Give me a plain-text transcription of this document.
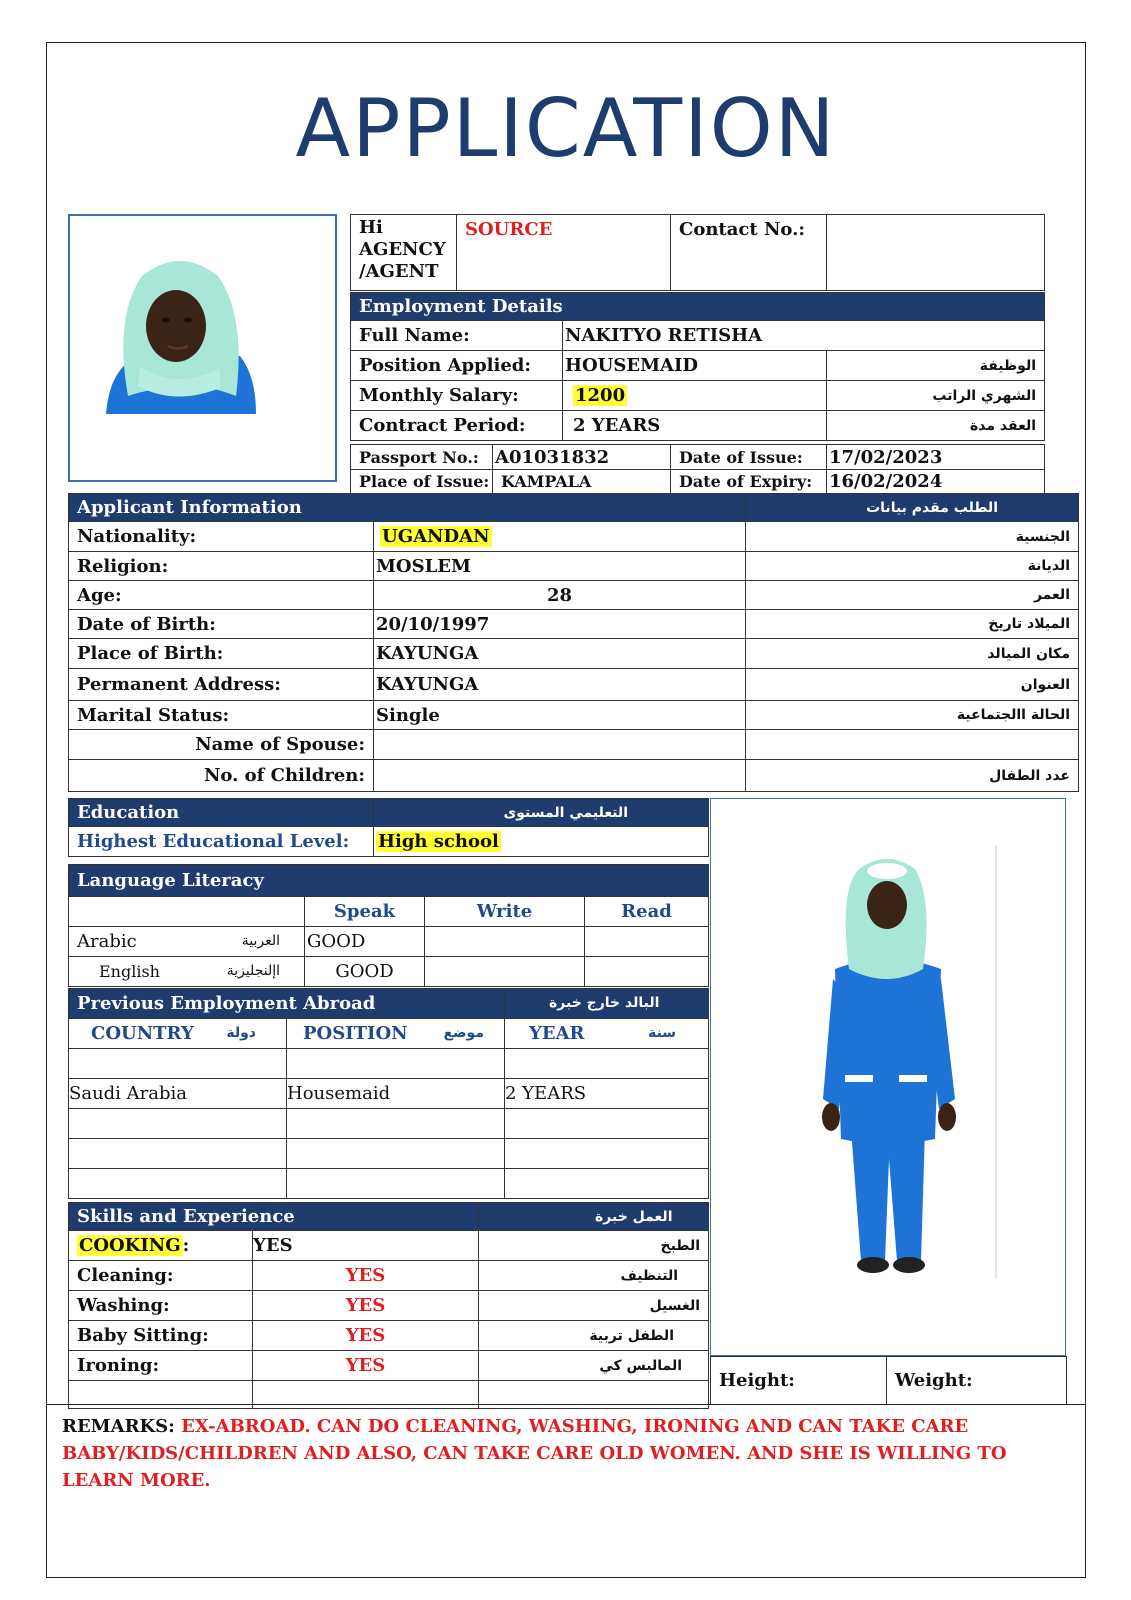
APPLICATION
Hi
AGENCY
/AGENT
	SOURCE	Contact No.:	
Employment Details		
Full Name:	NAKITYO RETISHA	
Position Applied:	HOUSEMAID	الوظيفة
Monthly Salary:	1200	الشهري الراتب
Contract Period:	2 YEARS	العقد مدة
Passport No.:	A01031832	Date of Issue:	17/02/2023
Place of Issue:	KAMPALA	Date of Expiry:	16/02/2024
Applicant Information		الطلب مقدم بيانات
Nationality:	UGANDAN	الجنسية
Religion:	MOSLEM	الديانة
Age:	28	العمر
Date of Birth:	20/10/1997	الميلاد تاريخ
Place of Birth:	KAYUNGA	مكان الميالد
Permanent Address:	KAYUNGA	العنوان
Marital Status:	Single	الحالة االجتماعية
Name of Spouse:		
No. of Children:		عدد الطفال
Education	التعليمي المستوى
Highest Educational Level:	High school
Language Literacy			
	Speak	Write	Read
Arabic العربية	GOOD		
English اإلنجليزية	GOOD		
Previous Employment Abroad البالد خارج خبرة		

COUNTRY دولة	POSITION موضع	YEAR سنة

Saudi Arabia	Housemaid	2 YEARS

Skills and Experience العمل خبرة		

COOKING :	YES	الطبخ
Cleaning:	YES	التنظيف
Washing:	YES	الغسيل
Baby Sitting:	YES	الطفل تربية
Ironing:	YES	المالبس كي

Height:	Weight:
REMARKS: EX-ABROAD. CAN DO CLEANING, WASHING, IRONING AND CAN TAKE CARE
BABY/KIDS/CHILDREN AND ALSO, CAN TAKE CARE OLD WOMEN. AND SHE IS WILLING TO LEARN MORE.
